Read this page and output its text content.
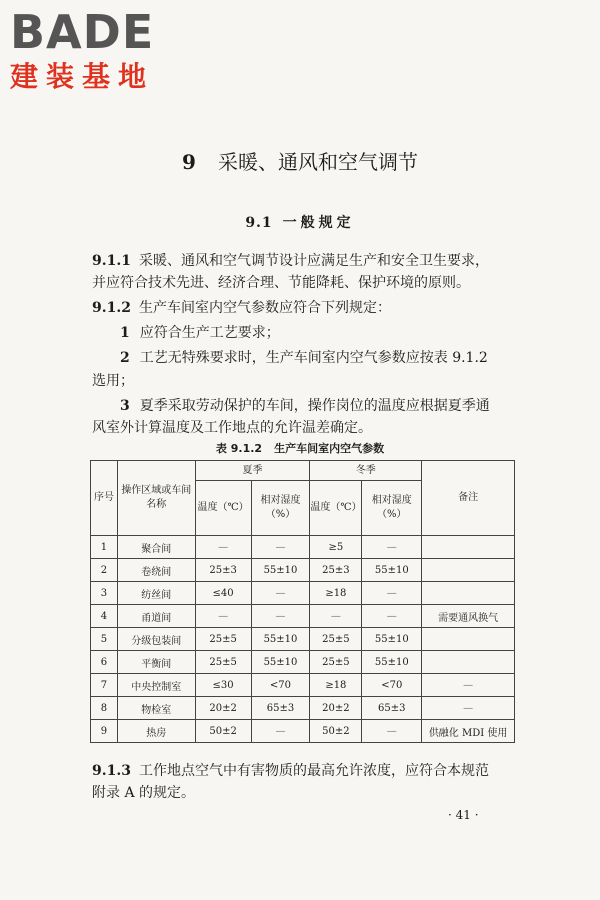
BADE
建装基地
9 采暖、通风和空气调节
9.1 一般规定
9.1.1 采暖、通风和空气调节设计应满足生产和安全卫生要求，
并应符合技术先进、经济合理、节能降耗、保护环境的原则。
9.1.2 生产车间室内空气参数应符合下列规定：
1 应符合生产工艺要求；
2 工艺无特殊要求时，生产车间室内空气参数应按表 9.1.2
选用；
3 夏季采取劳动保护的车间，操作岗位的温度应根据夏季通
风室外计算温度及工作地点的允许温差确定。
表 9.1.2 生产车间室内空气参数
序号	操作区域或车间名称	夏季		冬季		备注
		温度（℃）	相对湿度（%）	温度（℃）	相对湿度（%）	
1	聚合间	—	—	≥5	—	
2	卷绕间	25±3	55±10	25±3	55±10	
3	纺丝间	≤40	—	≥18	—	
4	甬道间	—	—	—	—	需要通风换气
5	分级包装间	25±5	55±10	25±5	55±10	
6	平衡间	25±5	55±10	25±5	55±10	
7	中央控制室	≤30	<70	≥18	<70	—
8	物检室	20±2	65±3	20±2	65±3	—
9	热房	50±2	—	50±2	—	供融化 MDI 使用
9.1.3 工作地点空气中有害物质的最高允许浓度，应符合本规范
附录 A 的规定。
· 41 ·
